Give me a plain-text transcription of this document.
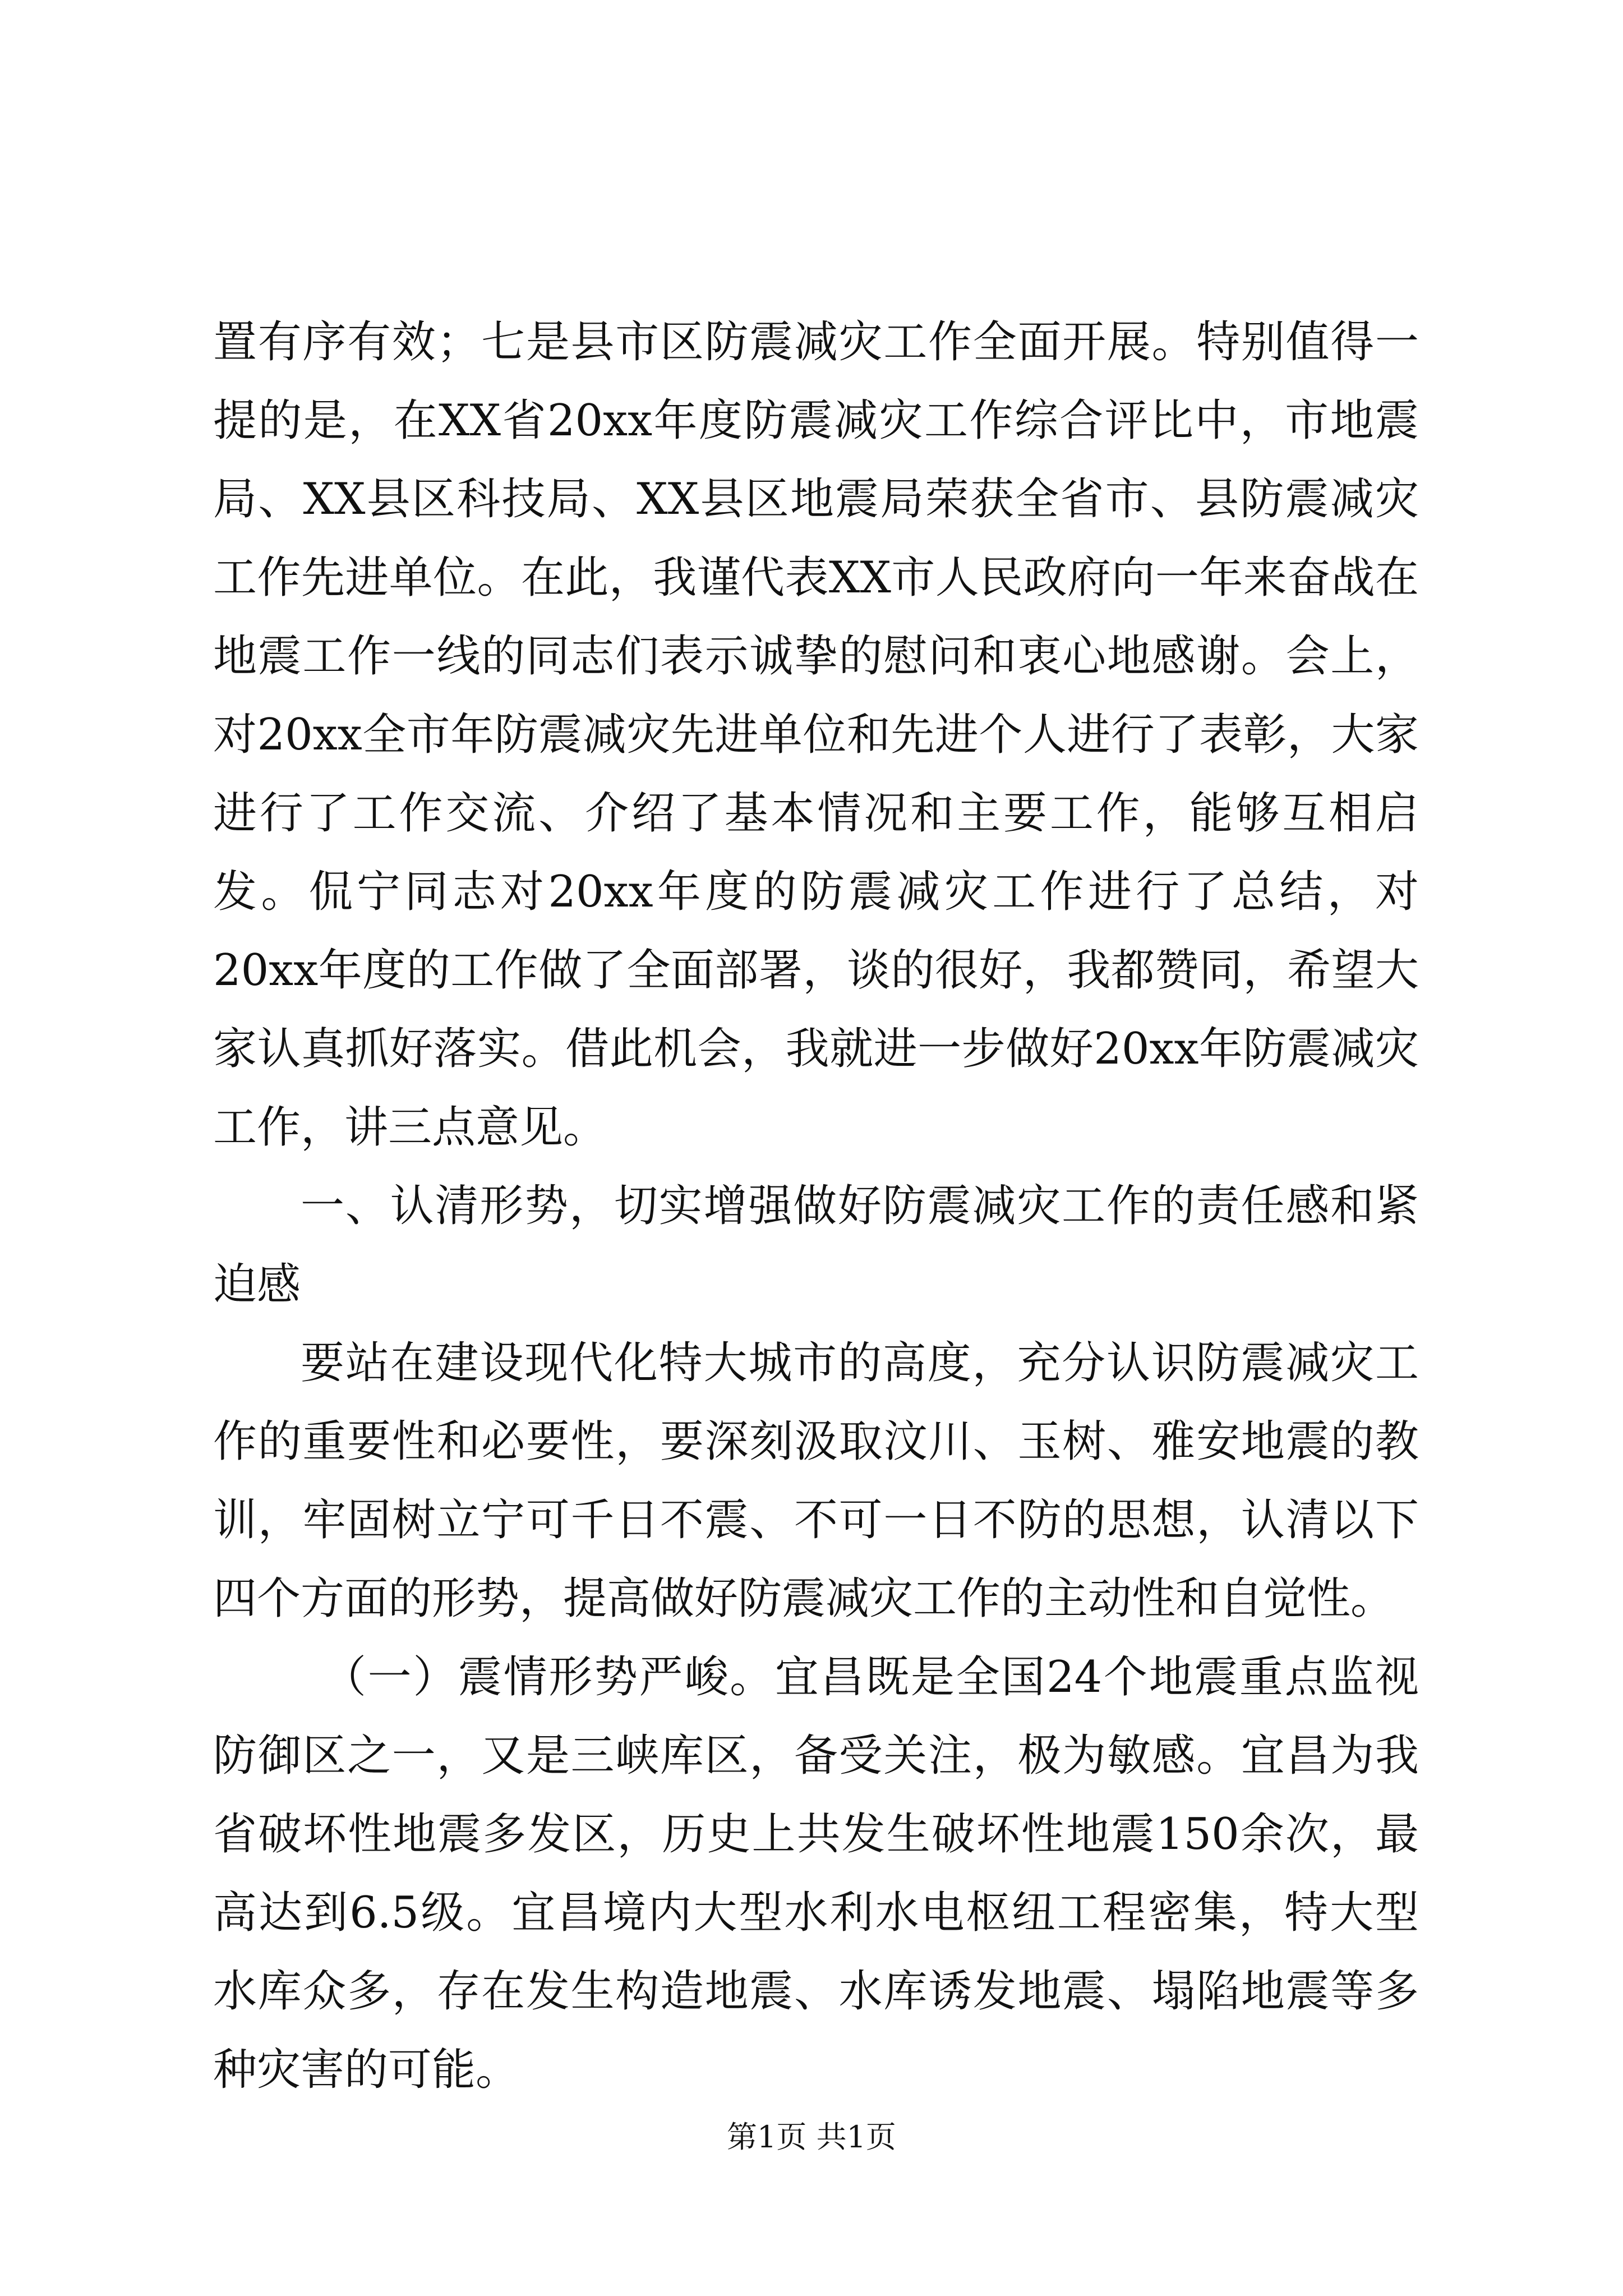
置有序有效；七是县市区防震减灾工作全面开展。特别值得一提的是，在XX省20xx年度防震减灾工作综合评比中，市地震局、XX县区科技局、XX县区地震局荣获全省市、县防震减灾工作先进单位。在此，我谨代表XX市人民政府向一年来奋战在地震工作一线的同志们表示诚挚的慰问和衷心地感谢。会上，对20xx全市年防震减灾先进单位和先进个人进行了表彰，大家进行了工作交流、介绍了基本情况和主要工作，能够互相启发。侃宁同志对20xx年度的防震减灾工作进行了总结，对20xx年度的工作做了全面部署，谈的很好，我都赞同，希望大家认真抓好落实。借此机会，我就进一步做好20xx年防震减灾工作，讲三点意见。

一、认清形势，切实增强做好防震减灾工作的责任感和紧迫感

要站在建设现代化特大城市的高度，充分认识防震减灾工作的重要性和必要性，要深刻汲取汶川、玉树、雅安地震的教训，牢固树立宁可千日不震、不可一日不防的思想，认清以下四个方面的形势，提高做好防震减灾工作的主动性和自觉性。

（一）震情形势严峻。宜昌既是全国24个地震重点监视防御区之一，又是三峡库区，备受关注，极为敏感。宜昌为我省破坏性地震多发区，历史上共发生破坏性地震150余次，最高达到6.5级。宜昌境内大型水利水电枢纽工程密集，特大型水库众多，存在发生构造地震、水库诱发地震、塌陷地震等多种灾害的可能。

第1页 共1页
